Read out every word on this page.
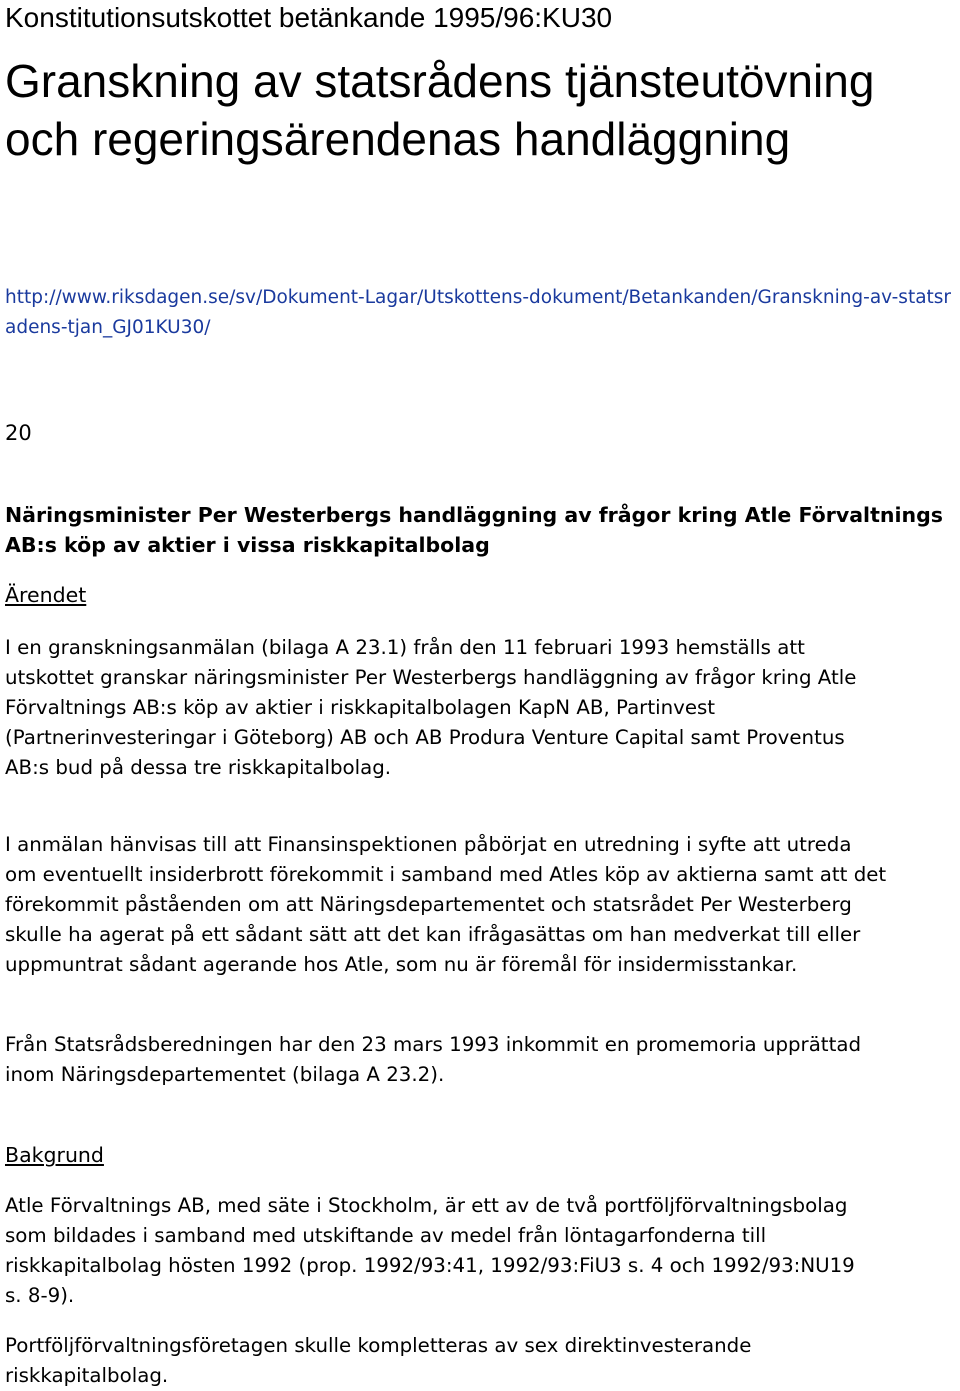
Konstitutionsutskottet betänkande 1995/96:KU30
Granskning av statsrådens tjänsteutövning och regeringsärendenas handläggning
http://www.riksdagen.se/sv/Dokument-Lagar/Utskottens-dokument/Betankanden/Granskning-av-statsradens-tjan_GJ01KU30/
20
Näringsminister Per Westerbergs handläggning av frågor kring Atle Förvaltnings AB:s köp av aktier i vissa riskkapitalbolag
Ärendet

I en granskningsanmälan (bilaga A 23.1) från den 11 februari 1993 hemställs att
utskottet granskar näringsminister Per Westerbergs handläggning av frågor kring Atle
Förvaltnings AB:s köp av aktier i riskkapitalbolagen KapN AB, Partinvest
(Partnerinvesteringar i Göteborg) AB och AB Produra Venture Capital samt Proventus
AB:s bud på dessa tre riskkapitalbolag.

I anmälan hänvisas till att Finansinspektionen påbörjat en utredning i syfte att utreda
om eventuellt insiderbrott förekommit i samband med Atles köp av aktierna samt att det
förekommit påståenden om att Näringsdepartementet och statsrådet Per Westerberg
skulle ha agerat på ett sådant sätt att det kan ifrågasättas om han medverkat till eller
uppmuntrat sådant agerande hos Atle, som nu är föremål för insidermisstankar.

Från Statsrådsberedningen har den 23 mars 1993 inkommit en promemoria upprättad
inom Näringsdepartementet (bilaga A 23.2).

Bakgrund

Atle Förvaltnings AB, med säte i Stockholm, är ett av de två portföljförvaltningsbolag
som bildades i samband med utskiftande av medel från löntagarfonderna till
riskkapitalbolag hösten 1992 (prop. 1992/93:41, 1992/93:FiU3 s. 4 och 1992/93:NU19
s. 8-9).

Portföljförvaltningsföretagen skulle kompletteras av sex direktinvesterande
riskkapitalbolag.
